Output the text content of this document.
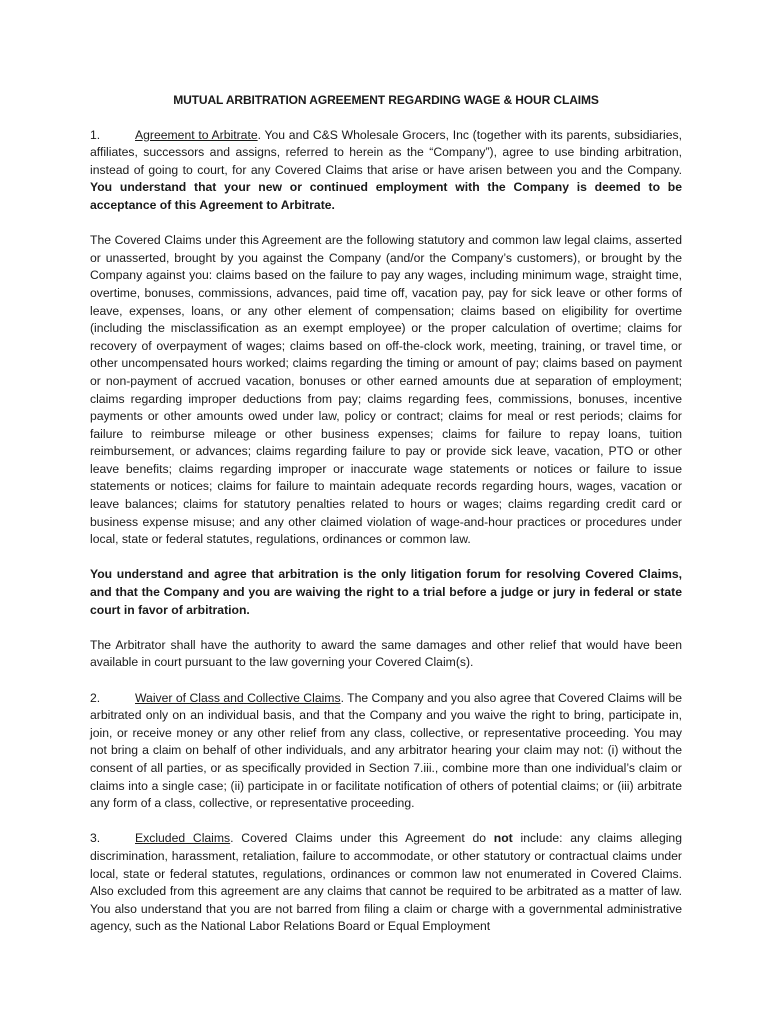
MUTUAL ARBITRATION AGREEMENT REGARDING WAGE & HOUR CLAIMS

1.	Agreement to Arbitrate. You and C&S Wholesale Grocers, Inc (together with its parents, subsidiaries, affiliates, successors and assigns, referred to herein as the “Company”), agree to use binding arbitration, instead of going to court, for any Covered Claims that arise or have arisen between you and the Company. You understand that your new or continued employment with the Company is deemed to be acceptance of this Agreement to Arbitrate.

The Covered Claims under this Agreement are the following statutory and common law legal claims, asserted or unasserted, brought by you against the Company (and/or the Company’s customers), or brought by the Company against you: claims based on the failure to pay any wages, including minimum wage, straight time, overtime, bonuses, commissions, advances, paid time off, vacation pay, pay for sick leave or other forms of leave, expenses, loans, or any other element of compensation; claims based on eligibility for overtime (including the misclassification as an exempt employee) or the proper calculation of overtime; claims for recovery of overpayment of wages; claims based on off-the-clock work, meeting, training, or travel time, or other uncompensated hours worked; claims regarding the timing or amount of pay; claims based on payment or non-payment of accrued vacation, bonuses or other earned amounts due at separation of employment; claims regarding improper deductions from pay; claims regarding fees, commissions, bonuses, incentive payments or other amounts owed under law, policy or contract; claims for meal or rest periods; claims for failure to reimburse mileage or other business expenses; claims for failure to repay loans, tuition reimbursement, or advances; claims regarding failure to pay or provide sick leave, vacation, PTO or other leave benefits; claims regarding improper or inaccurate wage statements or notices or failure to issue statements or notices; claims for failure to maintain adequate records regarding hours, wages, vacation or leave balances; claims for statutory penalties related to hours or wages; claims regarding credit card or business expense misuse; and any other claimed violation of wage-and-hour practices or procedures under local, state or federal statutes, regulations, ordinances or common law.

You understand and agree that arbitration is the only litigation forum for resolving Covered Claims, and that the Company and you are waiving the right to a trial before a judge or jury in federal or state court in favor of arbitration.

The Arbitrator shall have the authority to award the same damages and other relief that would have been available in court pursuant to the law governing your Covered Claim(s).

2.	Waiver of Class and Collective Claims. The Company and you also agree that Covered Claims will be arbitrated only on an individual basis, and that the Company and you waive the right to bring, participate in, join, or receive money or any other relief from any class, collective, or representative proceeding. You may not bring a claim on behalf of other individuals, and any arbitrator hearing your claim may not: (i) without the consent of all parties, or as specifically provided in Section 7.iii., combine more than one individual’s claim or claims into a single case; (ii) participate in or facilitate notification of others of potential claims; or (iii) arbitrate any form of a class, collective, or representative proceeding.

3.	Excluded Claims. Covered Claims under this Agreement do not include: any claims alleging discrimination, harassment, retaliation, failure to accommodate, or other statutory or contractual claims under local, state or federal statutes, regulations, ordinances or common law not enumerated in Covered Claims. Also excluded from this agreement are any claims that cannot be required to be arbitrated as a matter of law. You also understand that you are not barred from filing a claim or charge with a governmental administrative agency, such as the National Labor Relations Board or Equal Employment
